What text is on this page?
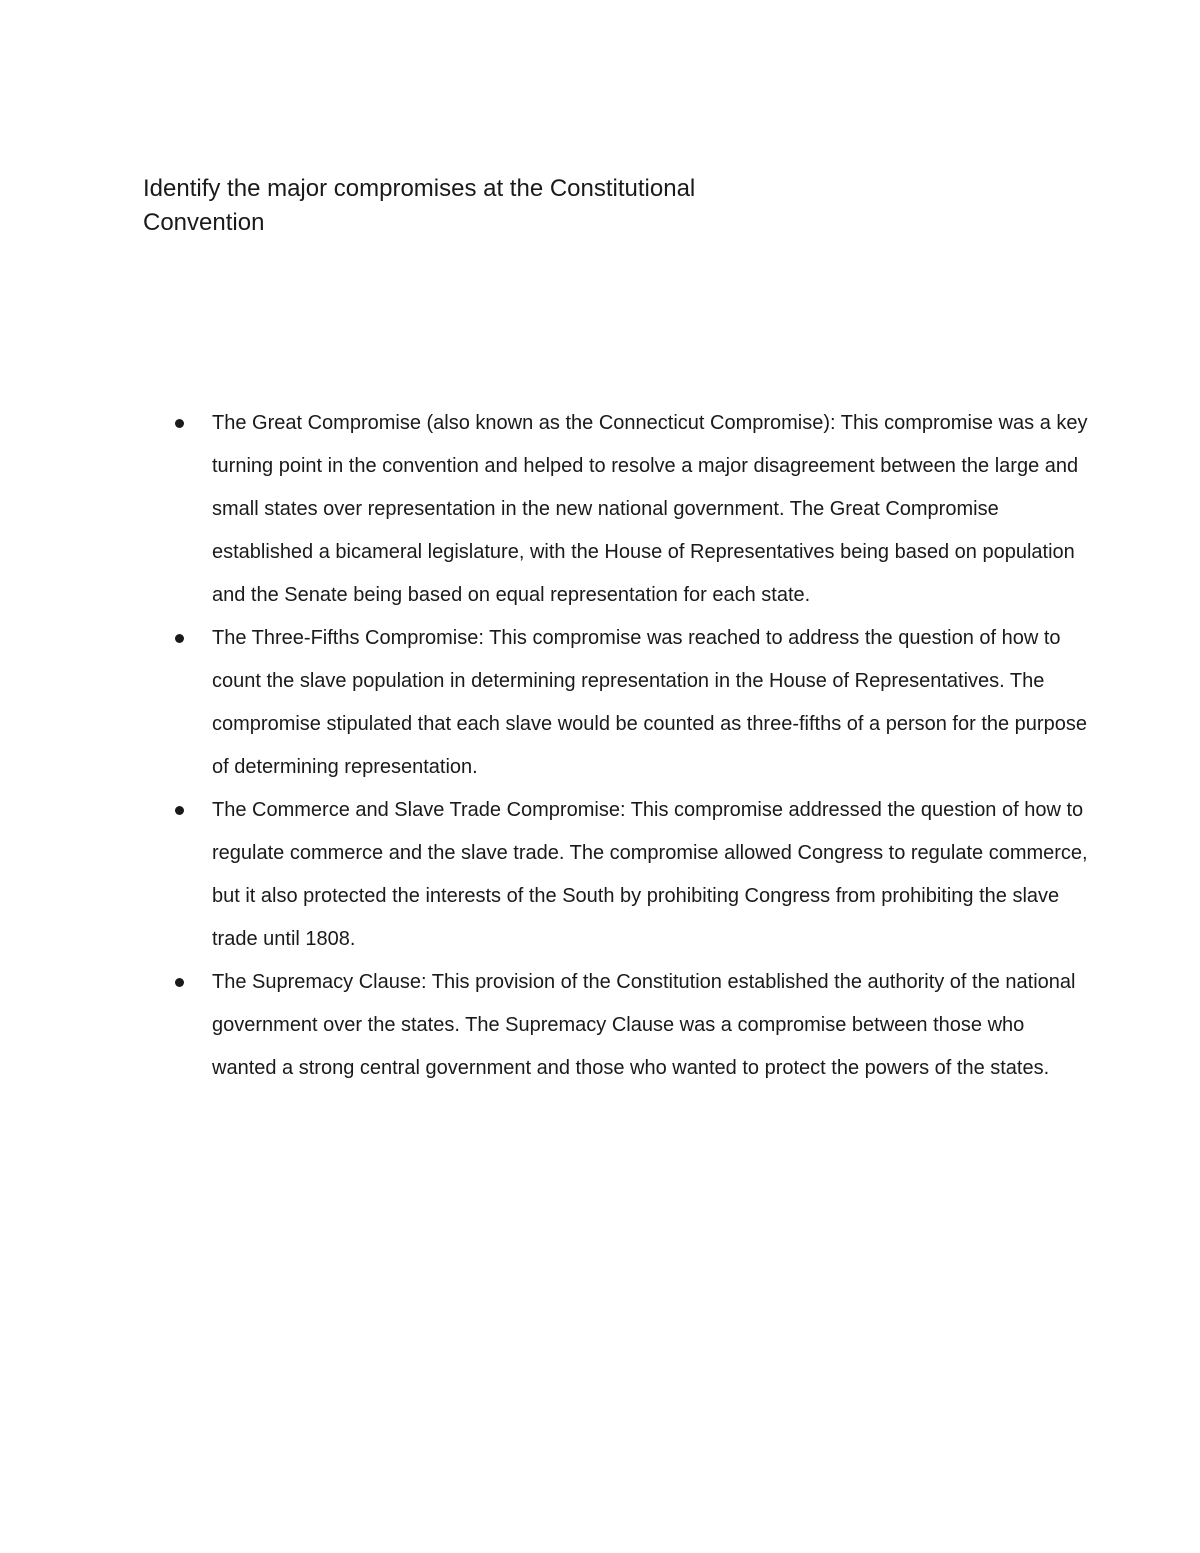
Identify the major compromises at the Constitutional Convention
The Great Compromise (also known as the Connecticut Compromise): This compromise was a key turning point in the convention and helped to resolve a major disagreement between the large and small states over representation in the new national government. The Great Compromise established a bicameral legislature, with the House of Representatives being based on population and the Senate being based on equal representation for each state.
The Three-Fifths Compromise: This compromise was reached to address the question of how to count the slave population in determining representation in the House of Representatives. The compromise stipulated that each slave would be counted as three-fifths of a person for the purpose of determining representation.
The Commerce and Slave Trade Compromise: This compromise addressed the question of how to regulate commerce and the slave trade. The compromise allowed Congress to regulate commerce, but it also protected the interests of the South by prohibiting Congress from prohibiting the slave trade until 1808.
The Supremacy Clause: This provision of the Constitution established the authority of the national government over the states. The Supremacy Clause was a compromise between those who wanted a strong central government and those who wanted to protect the powers of the states.
